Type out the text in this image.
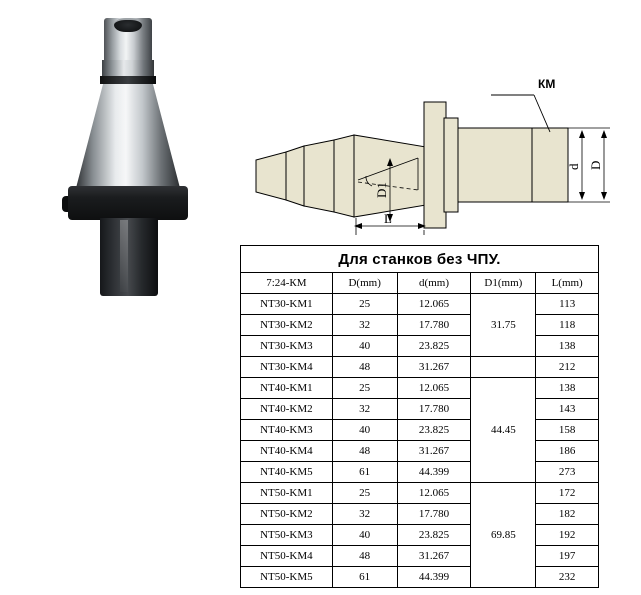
КМ
d D
D1
L
Для станков без ЧПУ.				
7:24-КМ	D(mm)	d(mm)	D1(mm)	L(mm)
NT30-KM1	25	12.065	31.75	113
NT30-KM2	32	17.780		118
NT30-KM3	40	23.825		138
NT30-KM4	48	31.267		212
NT40-KM1	25	12.065	44.45	138
NT40-KM2	32	17.780		143
NT40-KM3	40	23.825		158
NT40-KM4	48	31.267		186
NT40-KM5	61	44.399		273
NT50-KM1	25	12.065	69.85	172
NT50-KM2	32	17.780		182
NT50-KM3	40	23.825		192
NT50-KM4	48	31.267		197
NT50-KM5	61	44.399		232
